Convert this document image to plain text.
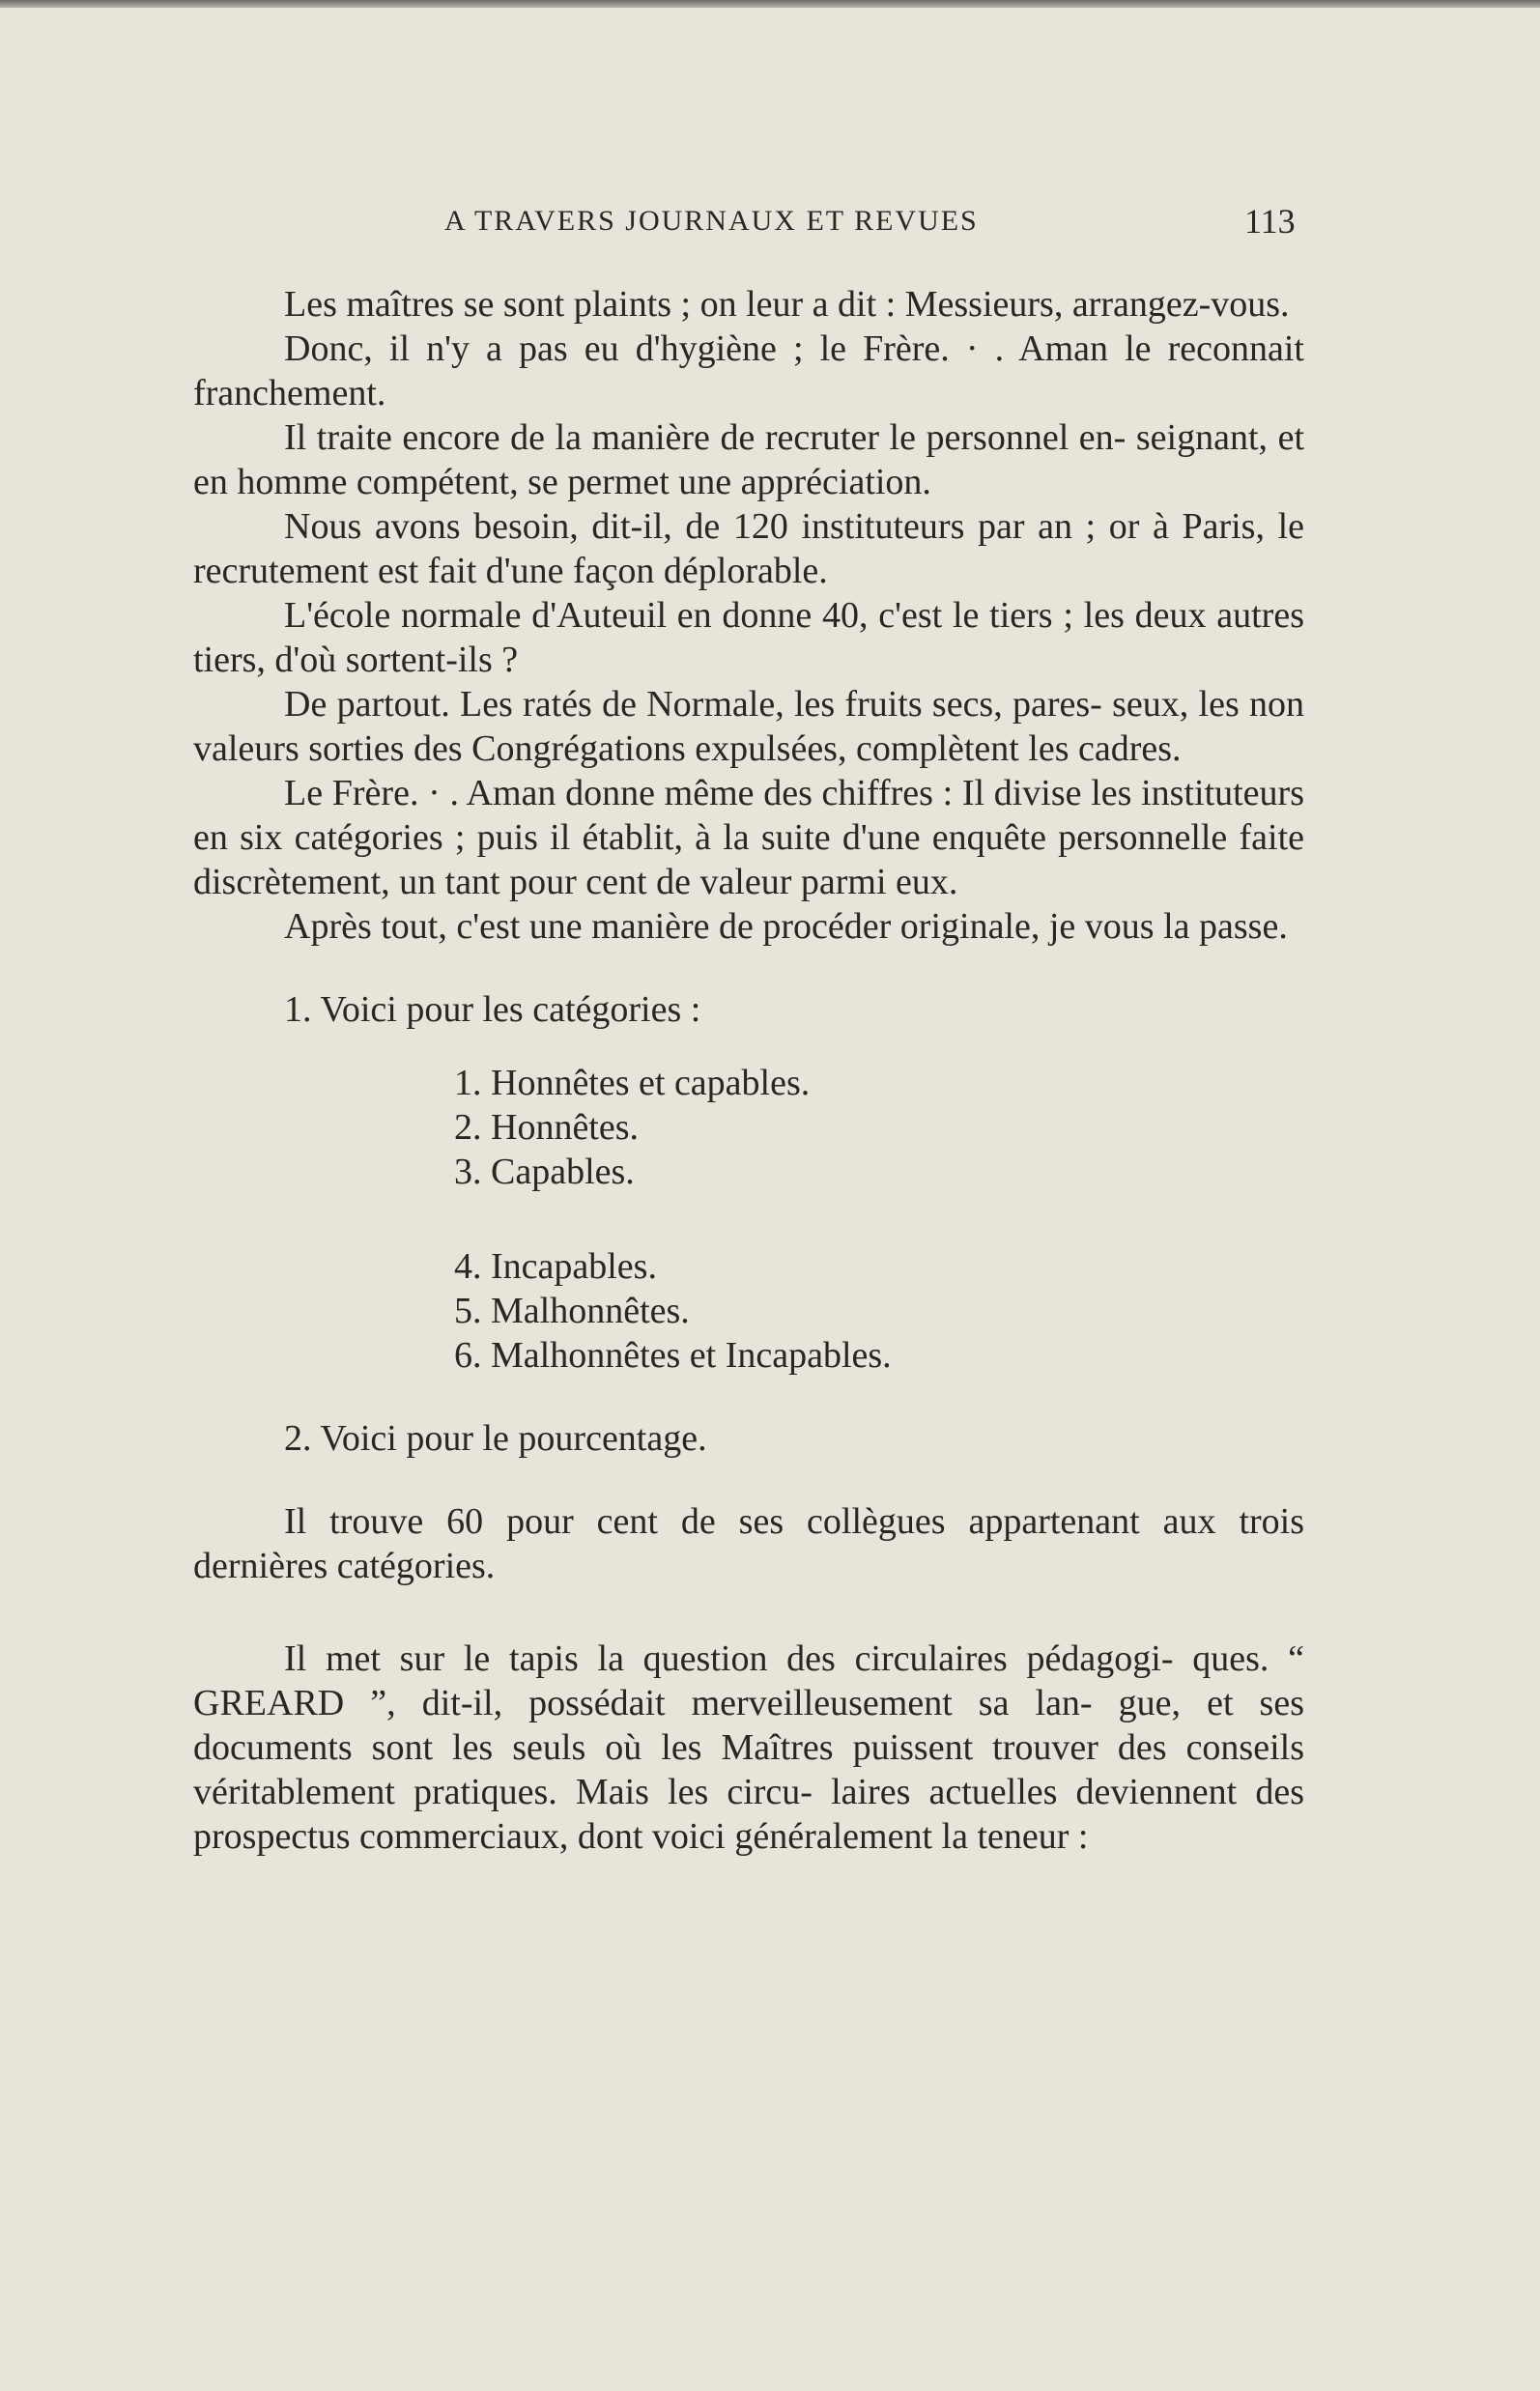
A TRAVERS JOURNAUX ET REVUES	113

Les maîtres se sont plaints ; on leur a dit : Messieurs, arrangez-vous.

Donc, il n'y a pas eu d'hygiène ; le Frère. · . Aman le reconnait franchement.

Il traite encore de la manière de recruter le personnel en- seignant, et en homme compétent, se permet une appréciation.

Nous avons besoin, dit-il, de 120 instituteurs par an ; or à Paris, le recrutement est fait d'une façon déplorable.

L'école normale d'Auteuil en donne 40, c'est le tiers ; les deux autres tiers, d'où sortent-ils ?

De partout. Les ratés de Normale, les fruits secs, pares- seux, les non valeurs sorties des Congrégations expulsées, complètent les cadres.

Le Frère. · . Aman donne même des chiffres : Il divise les instituteurs en six catégories ; puis il établit, à la suite d'une enquête personnelle faite discrètement, un tant pour cent de valeur parmi eux.

Après tout, c'est une manière de procéder originale, je vous la passe.

1. Voici pour les catégories :

1. Honnêtes et capables.

2. Honnêtes.

3. Capables.

4. Incapables.

5. Malhonnêtes.

6. Malhonnêtes et Incapables.

2. Voici pour le pourcentage.

Il trouve 60 pour cent de ses collègues appartenant aux trois dernières catégories.

Il met sur le tapis la question des circulaires pédagogi- ques. “ GREARD ”, dit-il, possédait merveilleusement sa lan- gue, et ses documents sont les seuls où les Maîtres puissent trouver des conseils véritablement pratiques. Mais les circu- laires actuelles deviennent des prospectus commerciaux, dont voici généralement la teneur :
